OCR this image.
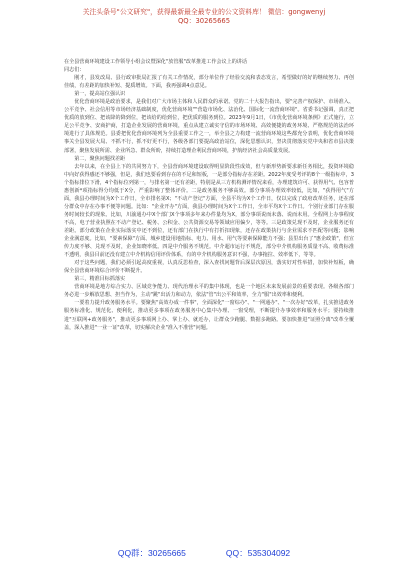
关注头条号"公文研究"，获得最新最全最专业的公文资料库！ 微信：gongwenyj
QQ：30265665

在全县营商环境建设工作领导小组会议暨深化"放管服"改革推进工作会议上的讲话

同志们：

刚才，县发改局、县行政审批局汇报了有关工作情况，部分单位作了经验交流和表态发言，希望做好的好的继续努力、再创佳绩，有差距的加快补短、提质增效。下面，我再强调4点意见。

第一，提高站位强认识

优化营商环境是政治要求，是我们对广大市场主体和人民群众的承诺。党的二十大报告指出，要"完善产权保护、市场准入、公平竞争、社会信用等市场经济基础制度，优化营商环境""营造市场化、法治化、国际化一流营商环境"。省委书记强调，真正把优质的放到位、把该降的降到位，把该给的给到位，把优质的服务到位。2023年9月1日，《市优化营商环境条例》正式施行，立足公平竞争、安商护商，打造企业发展的营商环境，重点从建立诚实守信的市场环境、高效便捷的政务环境、严格规范的法治环境进行了具体规范。县委把优化营商环境列为全县重要工作之一，举全县之力构建一流营商环境这些都充分表明，优化营商环境事关全县发展大局、不抓不行，抓不好更不行，各级各部门要提高政治站位，深化思想认识，坚决贯彻落实党中央和省市县决策部署，聚焦发展所需、企业所急、群众所盼，持续打造理企利民营商环境，护航经济社会高质量发展。

第二，聚焦问题找差距

去年以来，在全县上下的共同努力下，全县营商环境建设取得明显阶段性成效，但与新形势新要求新任务相比，投资环境稳中向好获得感还不够强，但是，我们也要看到存在的不足和短板，一是部分指标存在差距。2022年度受考评的8个一级指标中，3个指标排位下滑，4个指标位列第一，与排名第一还有差距，特别是从三方机构测评情况来看，办理建筑许可、获得用气、包容普惠创新*项指标得分均低于X分，严重影响了整体评价。二是政务服务不够高效。部分事项办理效率较低，比如，"获得用气"方面，我县办理时间为X个工作日，全市排名第X；"不动产登记"方面，全县平均为X个工作日，仅以完成了政府改革任务，还在部分群众中存在办事不便等问题。比如："企业开办"方面，我县办理时间为X个工作日，全市平均X个工作日。个别行业部门存在服务时间较长的现象。比如，川渝通办中X个部门X个事项多年来办件量均为X，部分事项说而未落、说而未用。全程网上办事程度不高，电子营业执照在不动产登记、税务、公积金、公共资源交易等领域应用偏少，等等。三是政策兑现不及时，企业服务还有差距。部分政策在企业实际落实中还不到位，还有部门在执行中有打折扣现象，还存在政策执行与企业需求不匹配等问题；影响企业满意度。比如，"要素保障"方面、城乡建设用地指标、电力、用水、用气等要素保障能力不强；县里出台了"惠企政策"，但宣传力度不够、兑现不及时，企业知晓率低。四是中介服务不规范。中介超市运行不规范，部分中介机构服务质量不高、收费标准不透明，我县目前还没有建立中介机构信用评价体系，有的中介机构服务意识不强，办事拖拉、效率低下，等等。

对于这些问题，我们必须引起高度重视，认真反思检查，深入查找问题背后深层次原因，落实好对性举措，加快补短板，确保全县营商环境综合评价不断提升。

第三，精准目标抓落实

营商环境是地方综合实力、区域竞争能力、现代治理水平的集中体现，也是一个地区未来发展前景的重要表现。各级各部门务必进一步解放思想、担当作为，主动"跳"出活力和动力，依法"管"出公平和效率，全力"服"出效率和便利。

一要着力提升政务服务水平。要聚焦"高效办成一件事"，全面深化"一窗综办"、"一网通办"、"一次办好"改革，扎实推进政务服务标准化、规范化、便利化，推动更多事项在政务服务中心集中办理、一窗受理，不断提升办事效率和服务水平；要持续推进"互联网+政务服务"，推动更多事项网上办、掌上办、就近办，让群众少跑腿、数据多跑路。要加快推进"证照分离"改革全覆盖，深入推进"一业一证"改革，切实解决企业"准入不准营"问题。

QQ群：30265665	QQ：535304092
